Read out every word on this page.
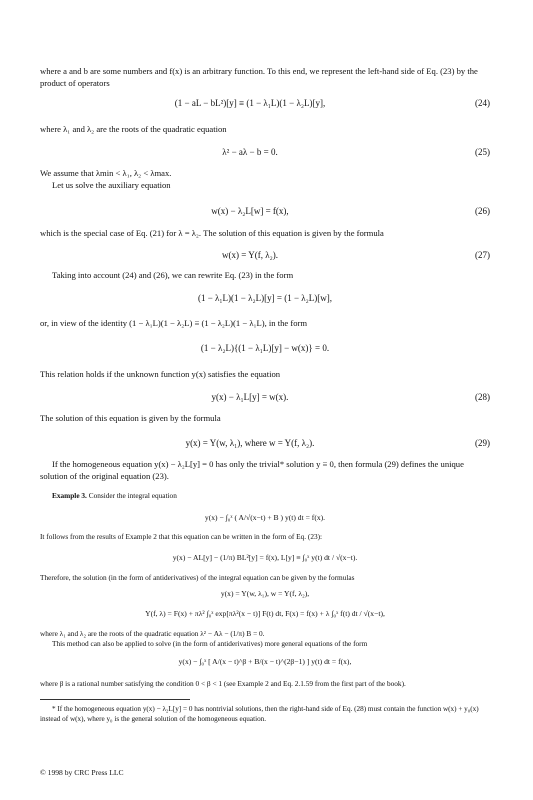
where a and b are some numbers and f(x) is an arbitrary function. To this end, we represent the left-hand side of Eq. (23) by the product of operators

(1 − aL − bL²)[y] ≡ (1 − λ₁L)(1 − λ₂L)[y],	(24)

where λ₁ and λ₂ are the roots of the quadratic equation

λ² − aλ − b = 0.	(25)

We assume that λmin < λ₁, λ₂ < λmax.

Let us solve the auxiliary equation

w(x) − λ₂L[w] = f(x),	(26)

which is the special case of Eq. (21) for λ = λ₂. The solution of this equation is given by the formula

w(x) = Y(f, λ₂).	(27)

Taking into account (24) and (26), we can rewrite Eq. (23) in the form

(1 − λ₁L)(1 − λ₂L)[y] = (1 − λ₂L)[w],

or, in view of the identity (1 − λ₁L)(1 − λ₂L) ≡ (1 − λ₂L)(1 − λ₁L), in the form

(1 − λ₂L){(1 − λ₁L)[y] − w(x)} = 0.

This relation holds if the unknown function y(x) satisfies the equation

y(x) − λ₁L[y] = w(x).	(28)

The solution of this equation is given by the formula

y(x) = Y(w, λ₁), where w = Y(f, λ₂).	(29)

If the homogeneous equation y(x) − λ₂L[y] = 0 has only the trivial* solution y ≡ 0, then formula (29) defines the unique solution of the original equation (23).

Example 3. Consider the integral equation

y(x) − ∫₀ˣ ( A/√(x−t) + B ) y(t) dt = f(x).

It follows from the results of Example 2 that this equation can be written in the form of Eq. (23):

y(x) − AL[y] − (1/π) BL²[y] = f(x), L[y] ≡ ∫₀ˣ y(t) dt / √(x−t).

Therefore, the solution (in the form of antiderivatives) of the integral equation can be given by the formulas

y(x) = Y(w, λ₁), w = Y(f, λ₂),
Y(f, λ) = F(x) + πλ² ∫₀ˣ exp[πλ²(x − t)] F(t) dt, F(x) = f(x) + λ ∫₀ˣ f(t) dt / √(x−t),

where λ₁ and λ₂ are the roots of the quadratic equation λ² − Aλ − (1/π) B = 0.

This method can also be applied to solve (in the form of antiderivatives) more general equations of the form

y(x) − ∫₀ˣ [ A/(x − t)^β + B/(x − t)^(2β−1) ] y(t) dt = f(x),

where β is a rational number satisfying the condition 0 < β < 1 (see Example 2 and Eq. 2.1.59 from the first part of the book).

* If the homogeneous equation y(x) − λ₂L[y] = 0 has nontrivial solutions, then the right-hand side of Eq. (28) must contain the function w(x) + y₀(x) instead of w(x), where y₀ is the general solution of the homogeneous equation.

© 1998 by CRC Press LLC
